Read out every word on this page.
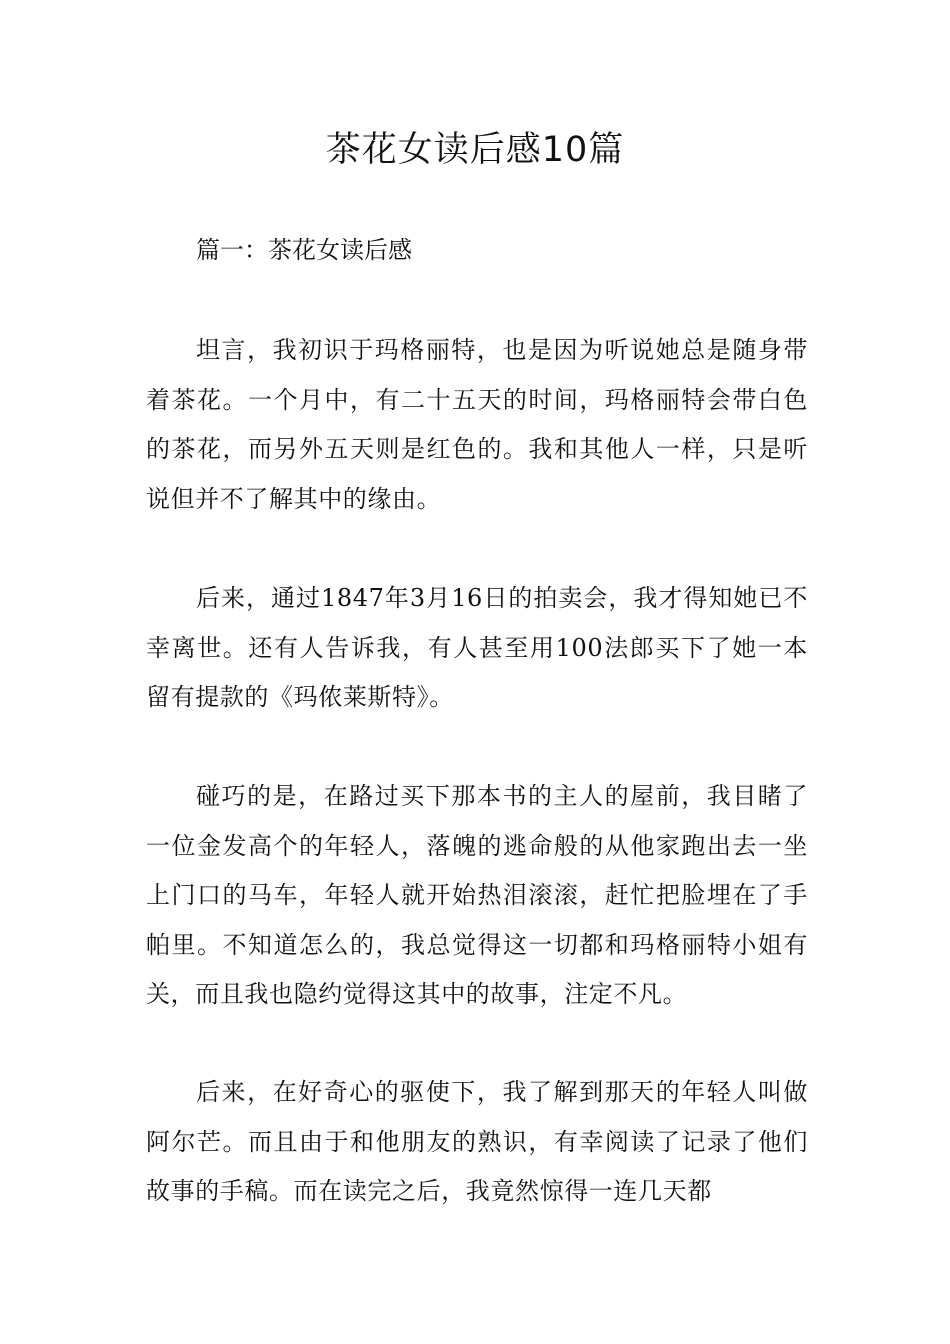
茶花女读后感10篇
篇一：茶花女读后感

坦言，我初识于玛格丽特，也是因为听说她总是随身带着茶花。一个月中，有二十五天的时间，玛格丽特会带白色的茶花，而另外五天则是红色的。我和其他人一样，只是听说但并不了解其中的缘由。

后来，通过1847年3月16日的拍卖会，我才得知她已不幸离世。还有人告诉我，有人甚至用100法郎买下了她一本留有提款的《玛侬莱斯特》。

碰巧的是，在路过买下那本书的主人的屋前，我目睹了一位金发高个的年轻人，落魄的逃命般的从他家跑出去一坐上门口的马车，年轻人就开始热泪滚滚，赶忙把脸埋在了手帕里。不知道怎么的，我总觉得这一切都和玛格丽特小姐有关，而且我也隐约觉得这其中的故事，注定不凡。

后来，在好奇心的驱使下，我了解到那天的年轻人叫做阿尔芒。而且由于和他朋友的熟识，有幸阅读了记录了他们故事的手稿。而在读完之后，我竟然惊得一连几天都
